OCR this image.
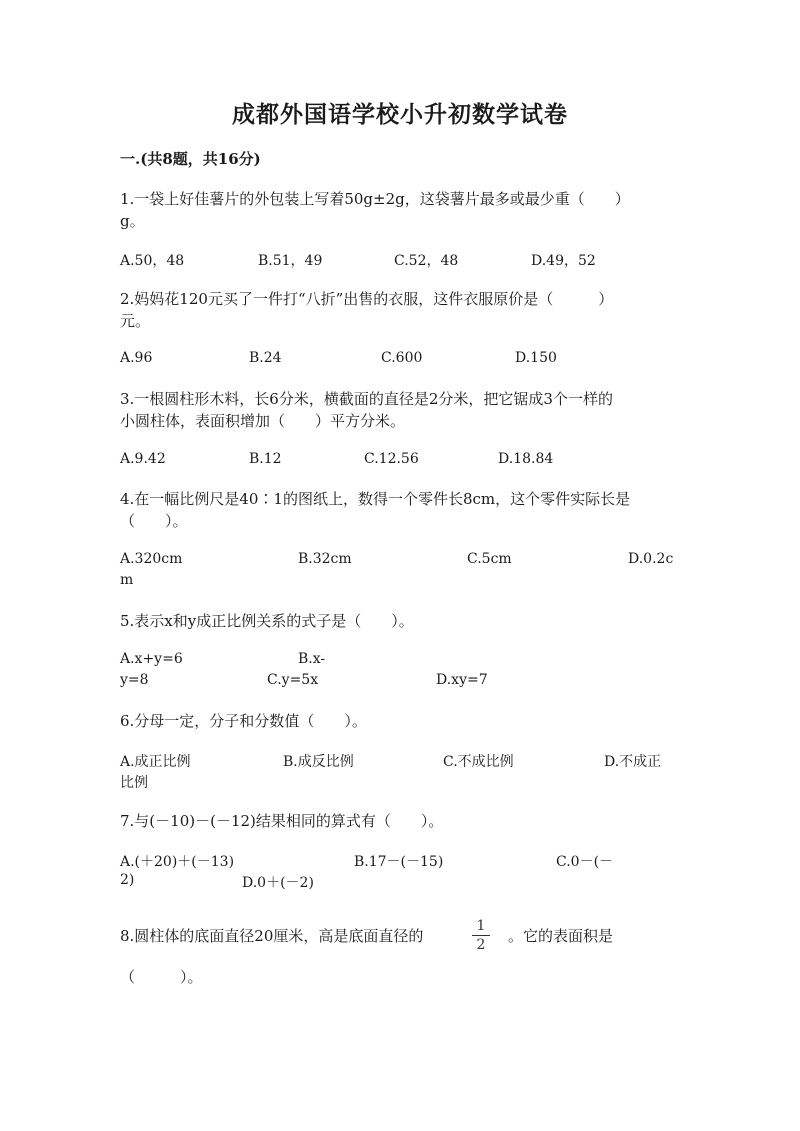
成都外国语学校小升初数学试卷
一.(共8题，共16分)
1.一袋上好佳薯片的外包装上写着50g±2g，这袋薯片最多或最少重（　　）
g。
A.50，48	B.51，49	C.52，48	D.49，52
2.妈妈花120元买了一件打“八折”出售的衣服，这件衣服原价是（　　　）
元。
A.96	B.24	C.600	D.150
3.一根圆柱形木料，长6分米，横截面的直径是2分米，把它锯成3个一样的
小圆柱体，表面积增加（　　）平方分米。
A.9.42	B.12	C.12.56	D.18.84
4.在一幅比例尺是40∶1的图纸上，数得一个零件长8cm，这个零件实际长是
（　　）。
A.320cm	B.32cm	C.5cm	D.0.2c
m
5.表示x和y成正比例关系的式子是（　　）。
A.x+y=6	B.x-
y=8	C.y=5x	D.xy=7
6.分母一定，分子和分数值（　　）。
A.成正比例	B.成反比例	C.不成比例	D.不成正
比例
7.与(－10)－(－12)结果相同的算式有（　　）。
A.(＋20)＋(－13)	B.17－(－15)	C.0－(－
2)	D.0＋(－2)
8.圆柱体的底面直径20厘米，高是底面直径的
1
2	。它的表面积是
（　　　）。
